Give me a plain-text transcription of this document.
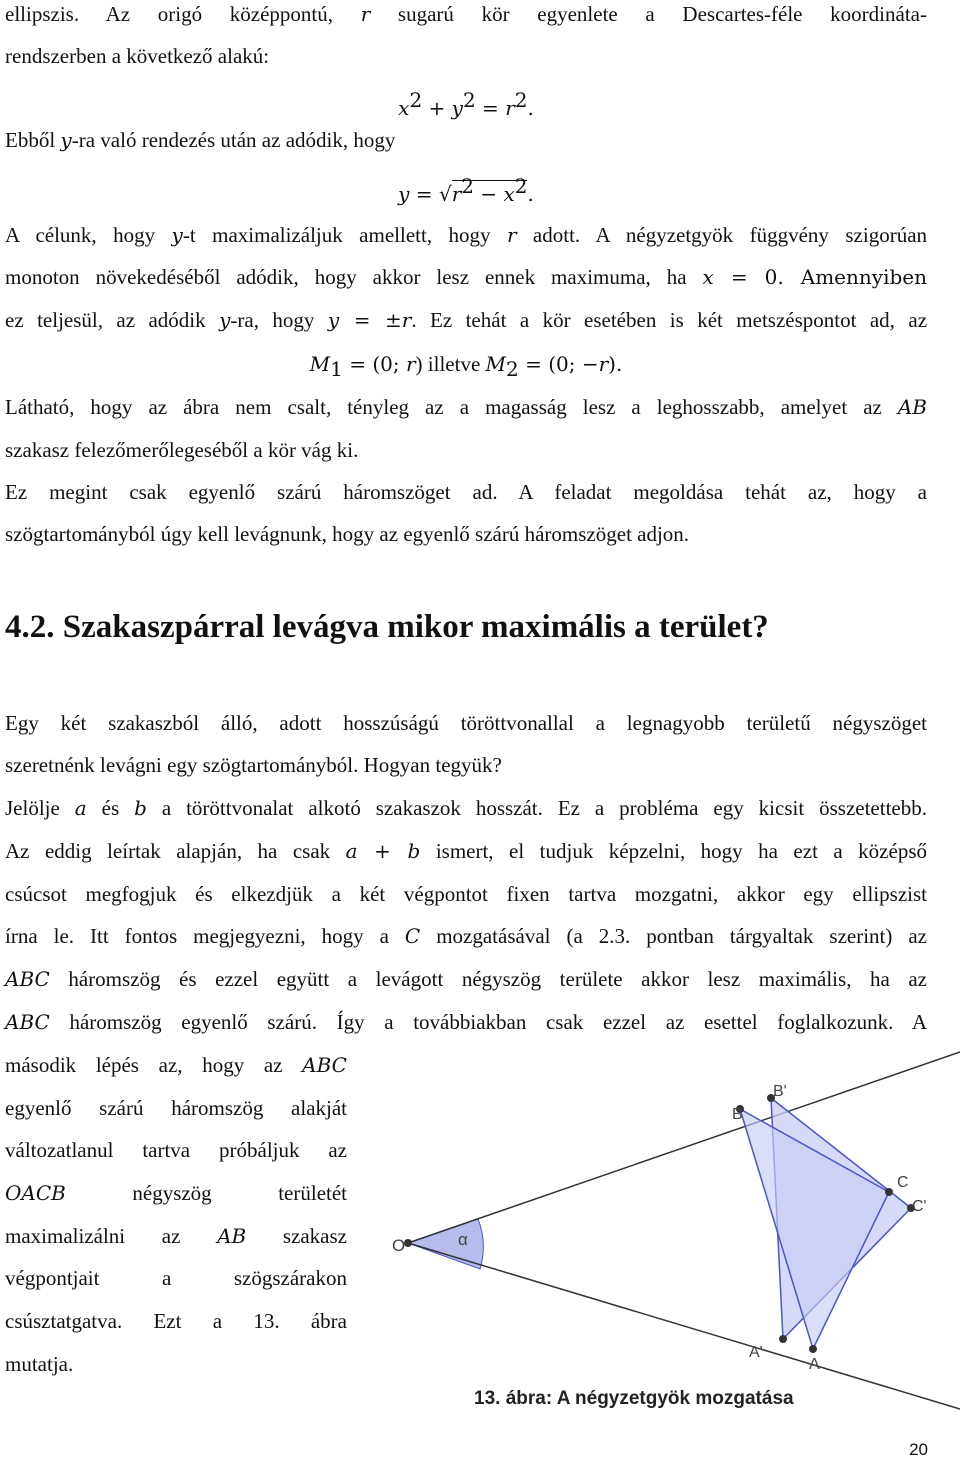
ellipszis. Az origó középpontú, r sugarú kör egyenlete a Descartes-féle koordináta-
rendszerben a következő alakú:
$x^2 + y^2 = r^2$.
Ebből y-ra való rendezés után az adódik, hogy
$y = √r^2 - x^2$.
A célunk, hogy y-t maximalizáljuk amellett, hogy r adott. A négyzetgyök függvény szigorúan
monoton növekedéséből adódik, hogy akkor lesz ennek maximuma, ha x = 0. Amennyiben
ez teljesül, az adódik y-ra, hogy y = ±r. Ez tehát a kör esetében is két metszéspontot ad, az
$M_1 = (0$; r) illetve $M_2 = (0$; −r).
Látható, hogy az ábra nem csalt, tényleg az a magasság lesz a leghosszabb, amelyet az AB
szakasz felezőmerőlegeséből a kör vág ki.
Ez megint csak egyenlő szárú háromszöget ad. A feladat megoldása tehát az, hogy a
szögtartományból úgy kell levágnunk, hogy az egyenlő szárú háromszöget adjon.
4.2. Szakaszpárral levágva mikor maximális a terület?
Egy két szakaszból álló, adott hosszúságú töröttvonallal a legnagyobb területű négyszöget
szeretnénk levágni egy szögtartományból. Hogyan tegyük?
Jelölje a és b a töröttvonalat alkotó szakaszok hosszát. Ez a probléma egy kicsit összetettebb.
Az eddig leírtak alapján, ha csak a + b ismert, el tudjuk képzelni, hogy ha ezt a középső
csúcsot megfogjuk és elkezdjük a két végpontot fixen tartva mozgatni, akkor egy ellipszist
írna le. Itt fontos megjegyezni, hogy a C mozgatásával (a 2.3. pontban tárgyaltak szerint) az
ABC háromszög és ezzel együtt a levágott négyszög területe akkor lesz maximális, ha az
ABC háromszög egyenlő szárú. Így a továbbiakban csak ezzel az esettel foglalkozunk. A
második lépés az, hogy az ABC
egyenlő szárú háromszög alakját
változatlanul tartva próbáljuk az
OACB négyszög területét
maximalizálni az AB szakasz
végpontjait a szögszárakon
csúsztatgatva. Ezt a 13. ábra
mutatja.
O	α
B
B'
C
C'
A'
A
13. ábra: A négyzetgyök mozgatása
20
